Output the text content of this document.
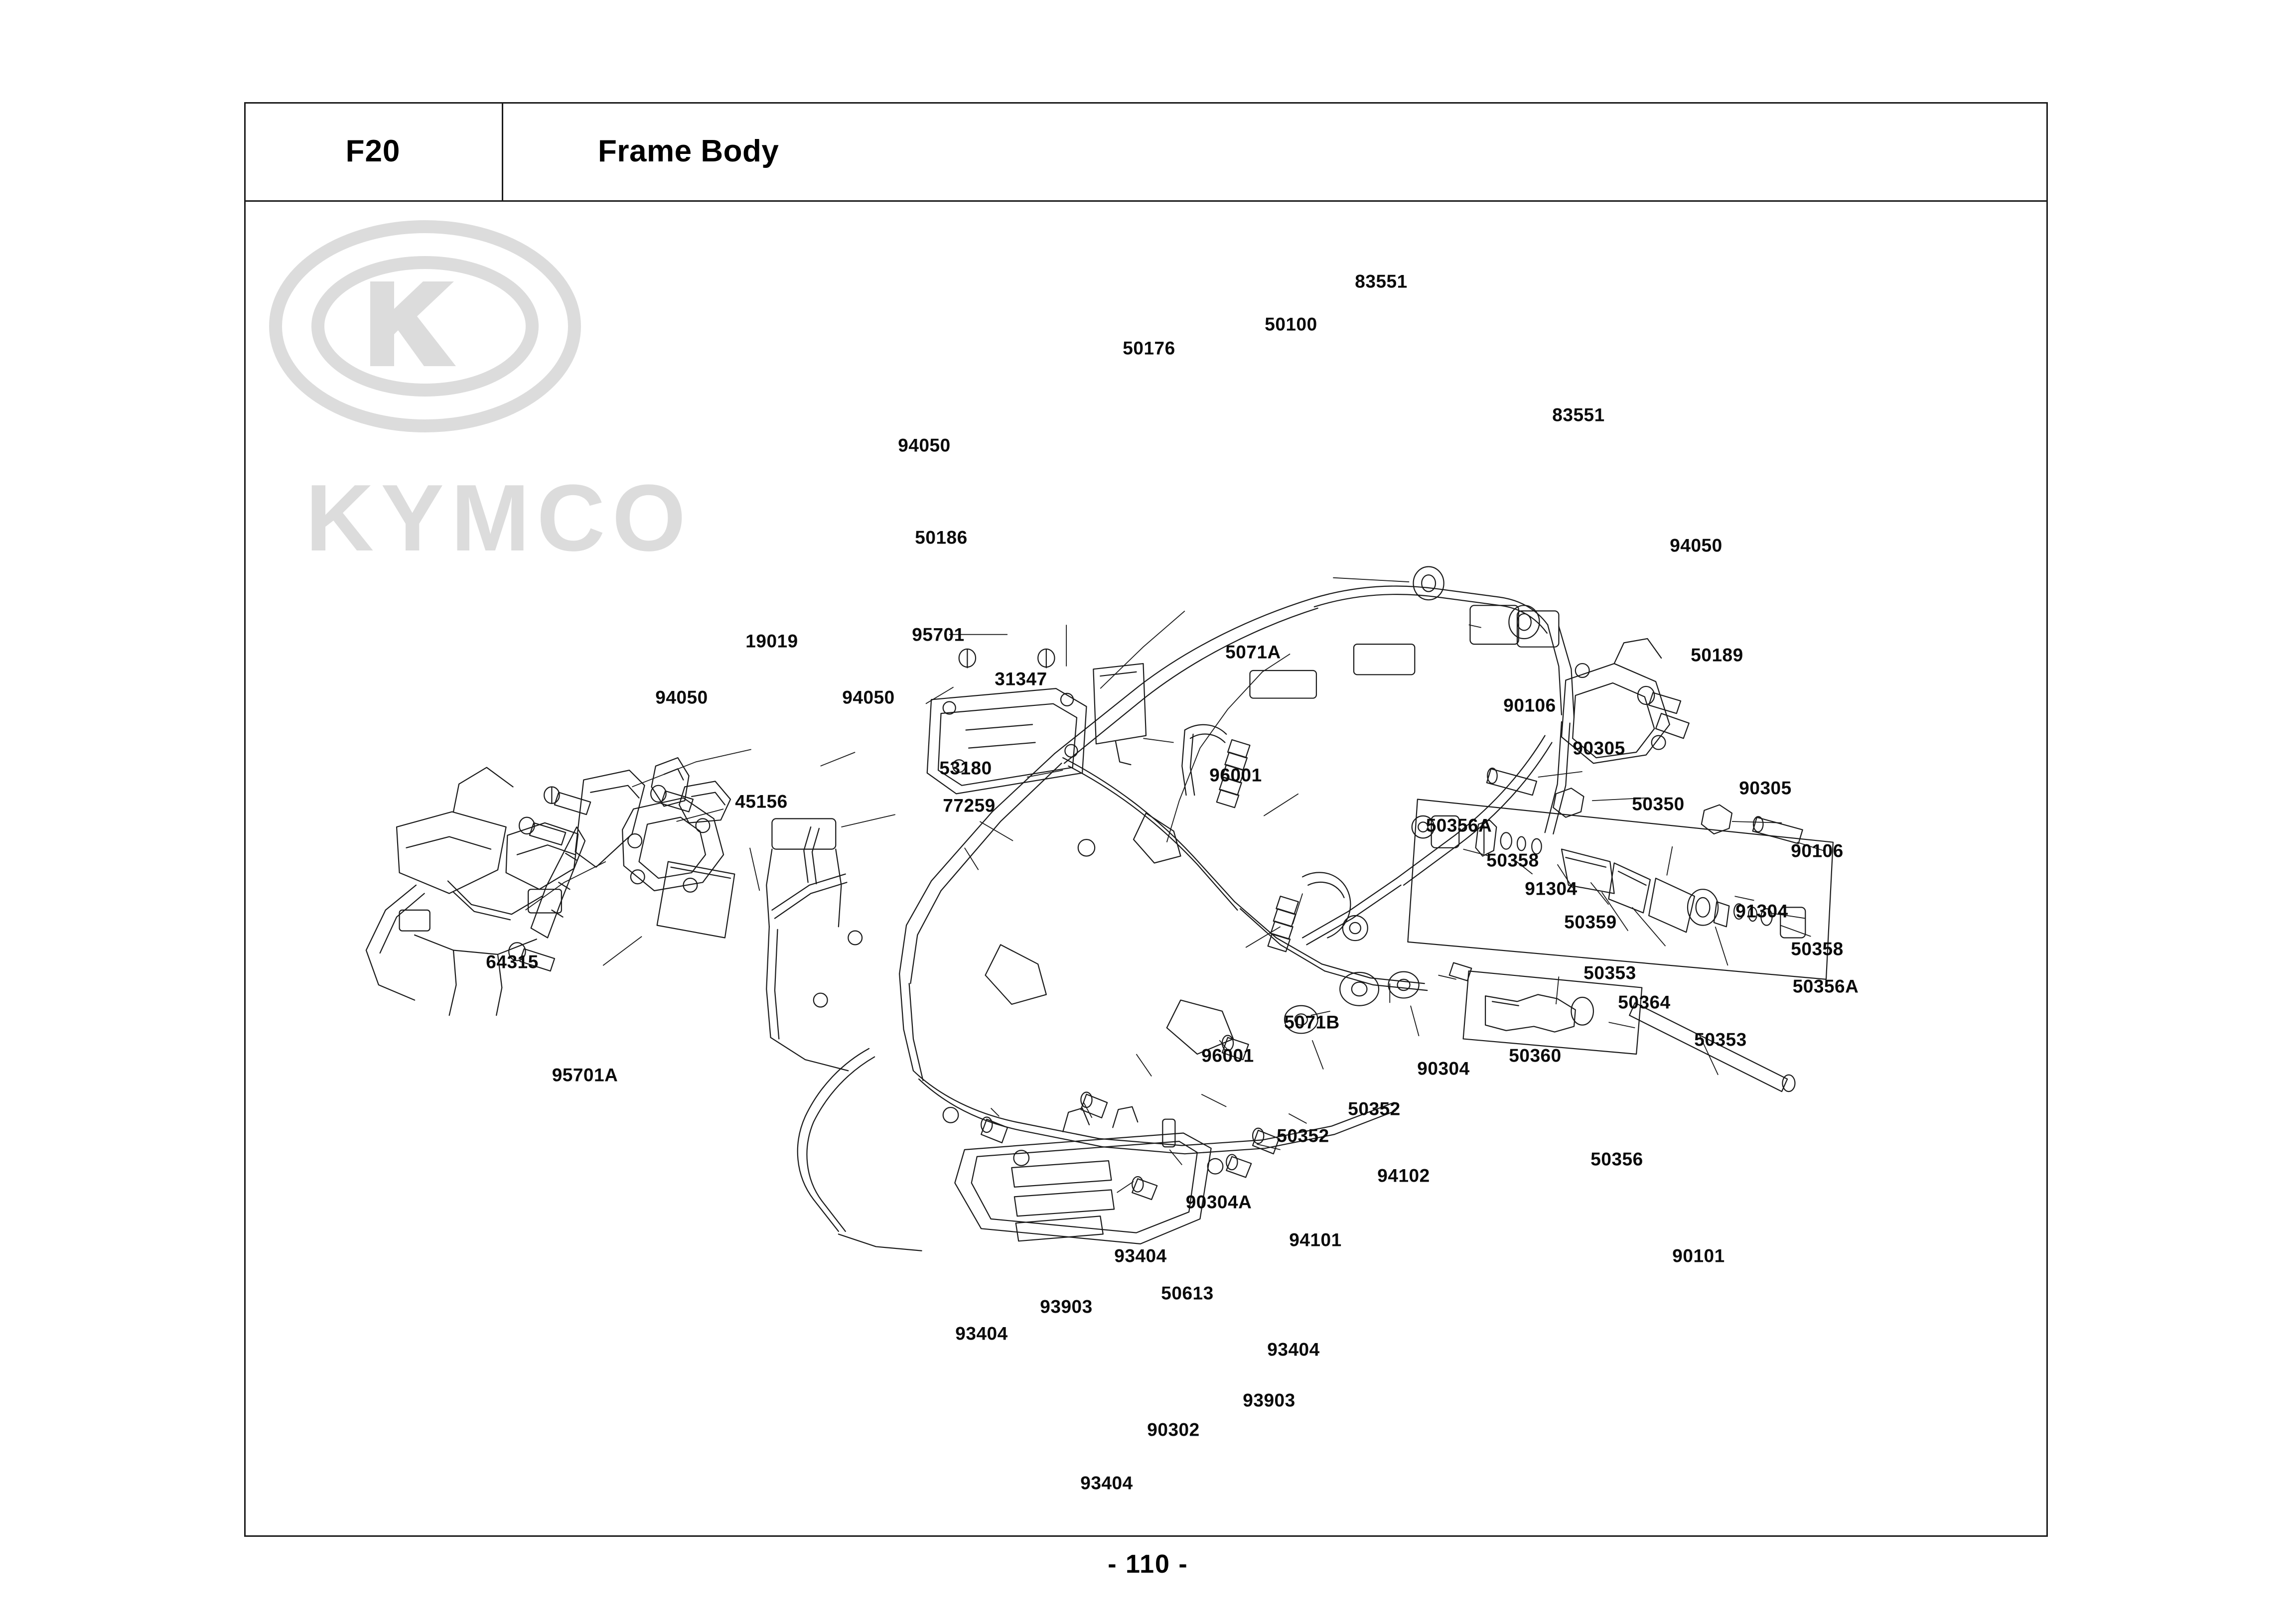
F20	Frame Body
KYMCO
83551
50100
50176
83551
94050
50186	94050
19019	95701
5071A
31347
50189
94050	94050	90106
90305
53180	96001
90305
45156	77259	50350
50356A
50358	90106
91304
50359
91304
50353
50358
50364
50356A
64315
5071B
96001
50353
95701A	90304
50360
50352
50352
50356
94102
90304A
94101
90101
93404
50613
93903
93404
93404
93903
90302
93404
- 110 -
